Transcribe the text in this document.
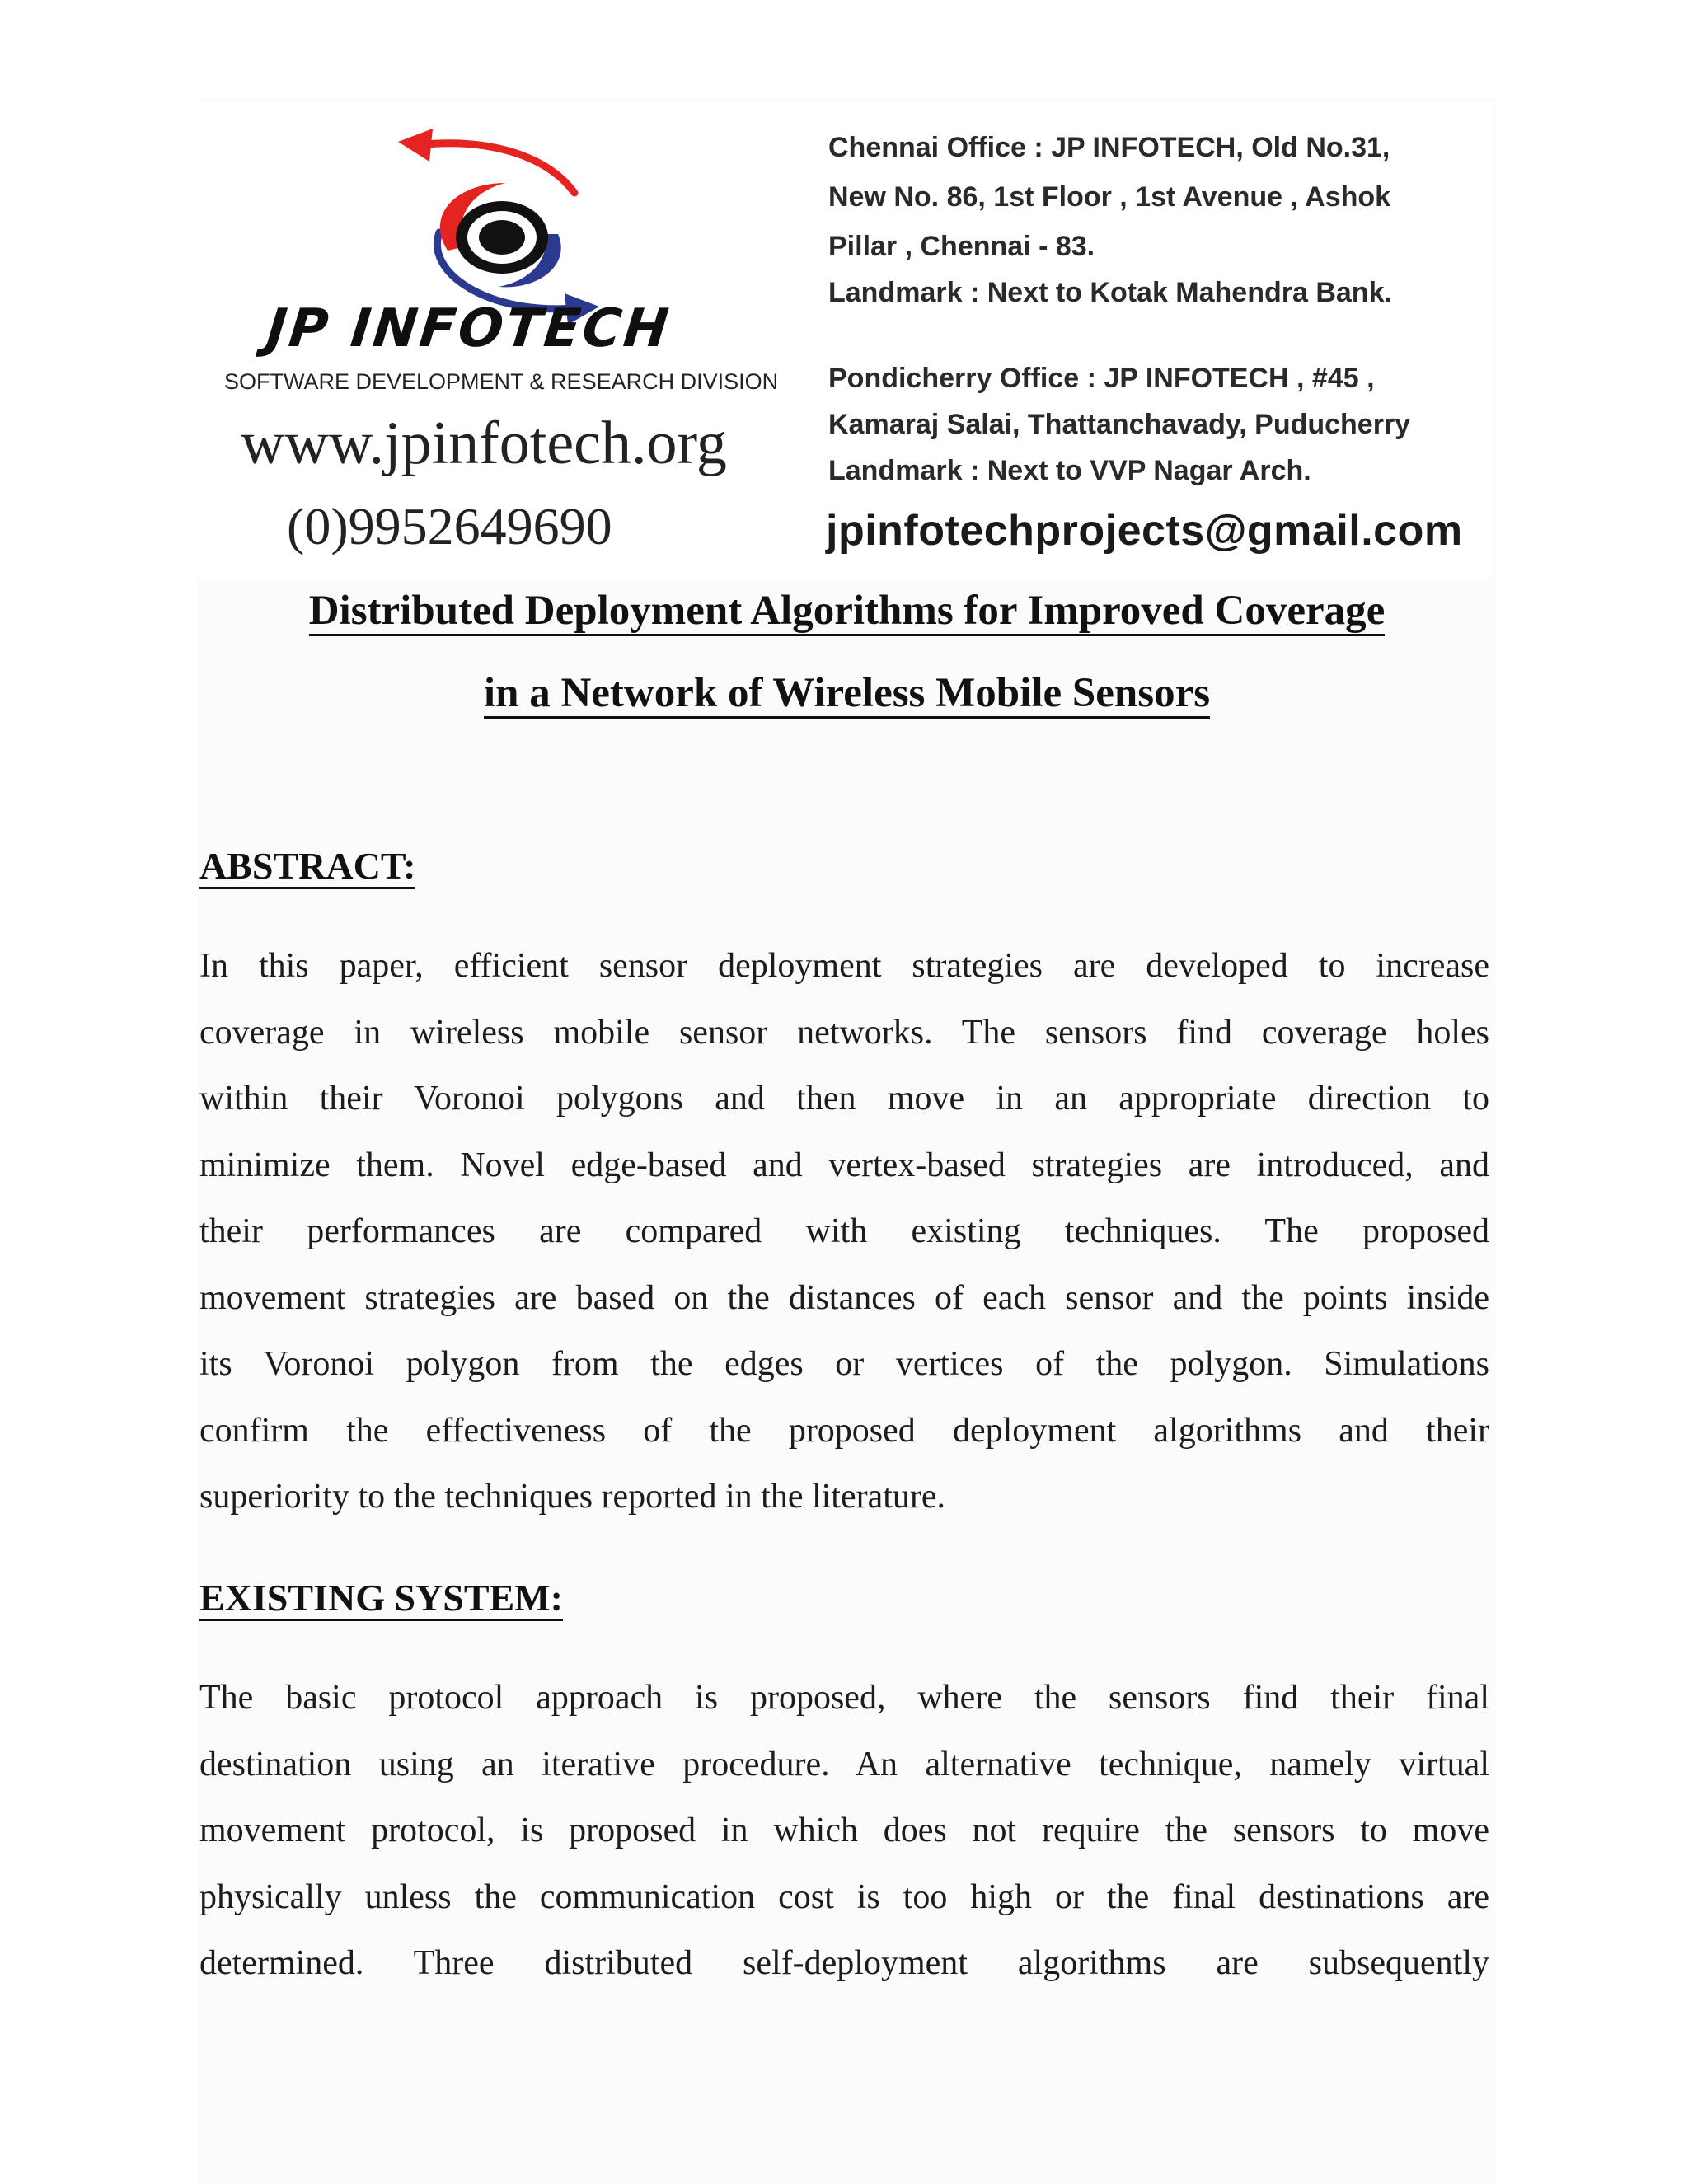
JP INFOTECH
SOFTWARE DEVELOPMENT & RESEARCH DIVISION
www.jpinfotech.org
(0)9952649690
Chennai Office : JP INFOTECH, Old No.31,
New No. 86, 1st Floor , 1st Avenue , Ashok
Pillar , Chennai - 83.
Landmark : Next to Kotak Mahendra Bank.
Pondicherry Office : JP INFOTECH , #45 ,
Kamaraj Salai, Thattanchavady, Puducherry
Landmark : Next to VVP Nagar Arch.
jpinfotechprojects@gmail.com
Distributed Deployment Algorithms for Improved Coverage
in a Network of Wireless Mobile Sensors
ABSTRACT:
In this paper, efficient sensor deployment strategies are developed to increase
coverage in wireless mobile sensor networks. The sensors find coverage holes
within their Voronoi polygons and then move in an appropriate direction to
minimize them. Novel edge-based and vertex-based strategies are introduced, and
their performances are compared with existing techniques. The proposed
movement strategies are based on the distances of each sensor and the points inside
its Voronoi polygon from the edges or vertices of the polygon. Simulations
confirm the effectiveness of the proposed deployment algorithms and their
superiority to the techniques reported in the literature.
EXISTING SYSTEM:
The basic protocol approach is proposed, where the sensors find their final
destination using an iterative procedure. An alternative technique, namely virtual
movement protocol, is proposed in which does not require the sensors to move
physically unless the communication cost is too high or the final destinations are
determined. Three distributed self-deployment algorithms are subsequently
